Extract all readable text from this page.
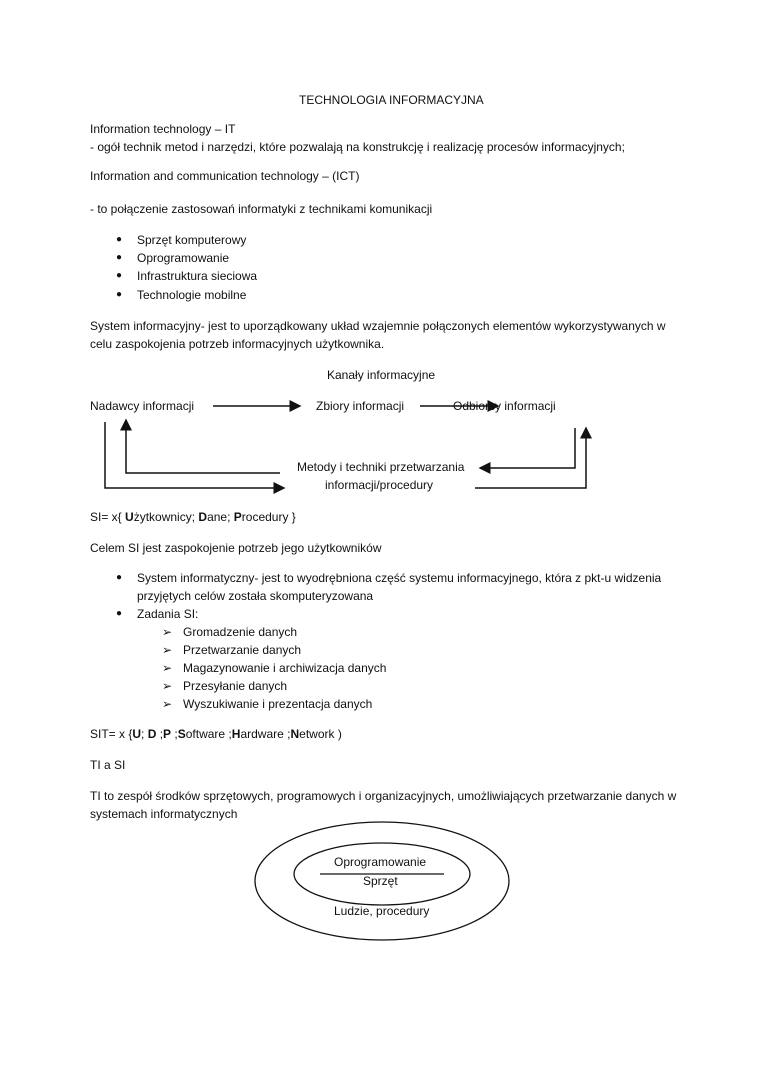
TECHNOLOGIA INFORMACYJNA
Information technology – IT
- ogół technik metod i narzędzi, które pozwalają na konstrukcję i realizację procesów informacyjnych;
Information and communication technology – (ICT)
- to połączenie zastosowań informatyki z technikami komunikacji
● Sprzęt komputerowy
● Oprogramowanie
● Infrastruktura sieciowa
● Technologie mobilne
System informacyjny- jest to uporządkowany układ wzajemnie połączonych elementów wykorzystywanych w
celu zaspokojenia potrzeb informacyjnych użytkownika.
Kanały informacyjne
Nadawcy informacji	Zbiory informacji	Odbiorcy informacji
Metody i techniki przetwarzania
informacji/procedury
SI= x{ Użytkownicy; Dane; Procedury }
Celem SI jest zaspokojenie potrzeb jego użytkowników
● System informatyczny- jest to wyodrębniona część systemu informacyjnego, która z pkt-u widzenia
przyjętych celów została skomputeryzowana
● Zadania SI:
➢ Gromadzenie danych
➢ Przetwarzanie danych
➢ Magazynowanie i archiwizacja danych
➢ Przesyłanie danych
➢ Wyszukiwanie i prezentacja danych
SIT= x {U; D ;P ;Software ;Hardware ;Network )
TI a SI
TI to zespół środków sprzętowych, programowych i organizacyjnych, umożliwiających przetwarzanie danych w
systemach informatycznych
Oprogramowanie
Sprzęt
Ludzie, procedury
